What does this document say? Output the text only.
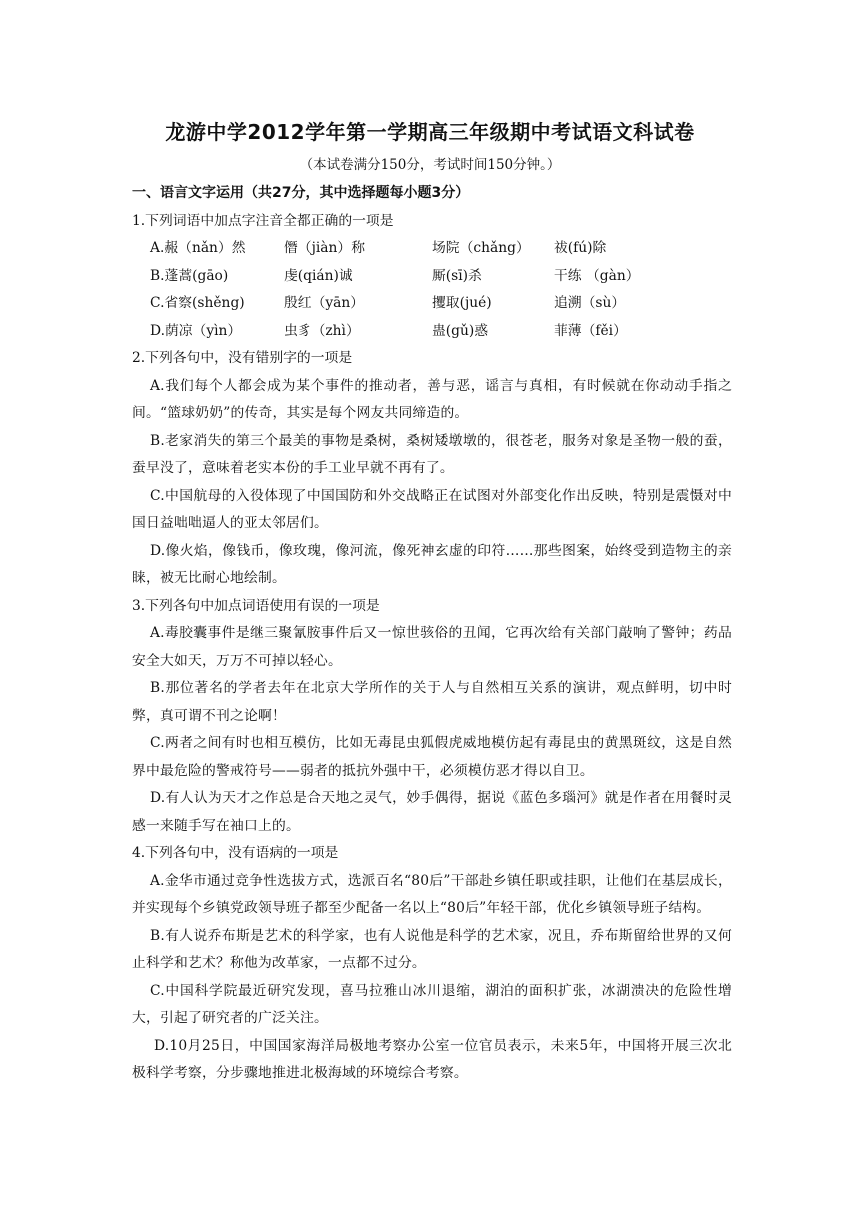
龙游中学2012学年第一学期高三年级期中考试语文科试卷
（本试卷满分150分，考试时间150分钟。）
一、语言文字运用（共27分，其中选择题每小题3分）
1.下列词语中加点字注音全都正确的一项是
A.赧（nǎn）然	僭（jiàn）称	场院（chǎng）	祓(fú)除
B.蓬蒿(gāo)	虔(qián)诚	厮(sī)杀	干练 （gàn）
C.省察(shěng)	殷红（yān）	攫取(jué)	追溯（sù）
D.荫凉（yìn）	虫豸（zhì）	蛊(gǔ)惑	菲薄（fěi）
2.下列各句中，没有错别字的一项是
A.我们每个人都会成为某个事件的推动者，善与恶，谣言与真相，有时候就在你动动手指之间。“篮球奶奶”的传奇，其实是每个网友共同缔造的。
B.老家消失的第三个最美的事物是桑树，桑树矮墩墩的，很苍老，服务对象是圣物一般的蚕，蚕早没了，意味着老实本份的手工业早就不再有了。
C.中国航母的入役体现了中国国防和外交战略正在试图对外部变化作出反映，特别是震慑对中国日益咄咄逼人的亚太邻居们。
D.像火焰，像钱币，像玫瑰，像河流，像死神玄虚的印符……那些图案，始终受到造物主的亲睐，被无比耐心地绘制。
3.下列各句中加点词语使用有误的一项是
A.毒胶囊事件是继三聚氰胺事件后又一惊世骇俗的丑闻，它再次给有关部门敲响了警钟；药品安全大如天，万万不可掉以轻心。
B.那位著名的学者去年在北京大学所作的关于人与自然相互关系的演讲，观点鲜明，切中时弊，真可谓不刊之论啊！
C.两者之间有时也相互模仿，比如无毒昆虫狐假虎威地模仿起有毒昆虫的黄黑斑纹，这是自然界中最危险的警戒符号——弱者的抵抗外强中干，必须模仿恶才得以自卫。
D.有人认为天才之作总是合天地之灵气，妙手偶得，据说《蓝色多瑙河》就是作者在用餐时灵感一来随手写在袖口上的。
4.下列各句中，没有语病的一项是
A.金华市通过竞争性选拔方式，选派百名“80后”干部赴乡镇任职或挂职，让他们在基层成长，并实现每个乡镇党政领导班子都至少配备一名以上“80后”年轻干部，优化乡镇领导班子结构。
B.有人说乔布斯是艺术的科学家，也有人说他是科学的艺术家，况且，乔布斯留给世界的又何止科学和艺术？称他为改革家，一点都不过分。
C.中国科学院最近研究发现，喜马拉雅山冰川退缩，湖泊的面积扩张，冰湖溃决的危险性增大，引起了研究者的广泛关注。
D.10月25日，中国国家海洋局极地考察办公室一位官员表示，未来5年，中国将开展三次北极科学考察，分步骤地推进北极海域的环境综合考察。
